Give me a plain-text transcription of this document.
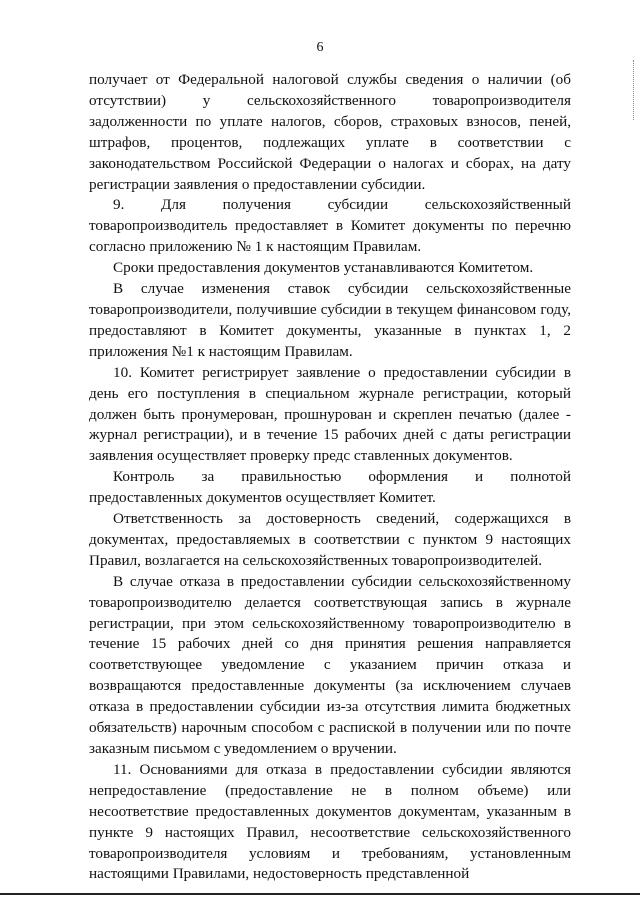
6

получает от Федеральной налоговой службы сведения о наличии (об отсутствии) у сельскохозяйственного товаропроизводителя задолженности по уплате налогов, сборов, страховых взносов, пеней, штрафов, процентов, подлежащих уплате в соответствии с законодательством Российской Федерации о налогах и сборах, на дату регистрации заявления о предоставлении субсидии.

9. Для получения субсидии сельскохозяйственный товаропроизводитель предоставляет в Комитет документы по перечню согласно приложению № 1 к настоящим Правилам.

Сроки предоставления документов устанавливаются Комитетом.

В случае изменения ставок субсидии сельскохозяйственные товаропроизводители, получившие субсидии в текущем финансовом году, предоставляют в Комитет документы, указанные в пунктах 1, 2 приложения №1 к настоящим Правилам.

10. Комитет регистрирует заявление о предоставлении субсидии в день его поступления в специальном журнале регистрации, который должен быть пронумерован, прошнурован и скреплен печатью (далее - журнал регистрации), и в течение 15 рабочих дней с даты регистрации заявления осуществляет проверку предс ставленных документов.

Контроль за правильностью оформления и полнотой предоставленных документов осуществляет Комитет.

Ответственность за достоверность сведений, содержащихся в документах, предоставляемых в соответствии с пунктом 9 настоящих Правил, возлагается на сельскохозяйственных товаропроизводителей.

В случае отказа в предоставлении субсидии сельскохозяйственному товаропроизводителю делается соответствующая запись в журнале регистрации, при этом сельскохозяйственному товаропроизводителю в течение 15 рабочих дней со дня принятия решения направляется соответствующее уведомление с указанием причин отказа и возвращаются предоставленные документы (за исключением случаев отказа в предоставлении субсидии из-за отсутствия лимита бюджетных обязательств) нарочным способом с распиской в получении или по почте заказным письмом с уведомлением о вручении.

11. Основаниями для отказа в предоставлении субсидии являются непредоставление (предоставление не в полном объеме) или несоответствие предоставленных документов документам, указанным в пункте 9 настоящих Правил, несоответствие сельскохозяйственного товаропроизводителя условиям и требованиям, установленным настоящими Правилами, недостоверность представленной
